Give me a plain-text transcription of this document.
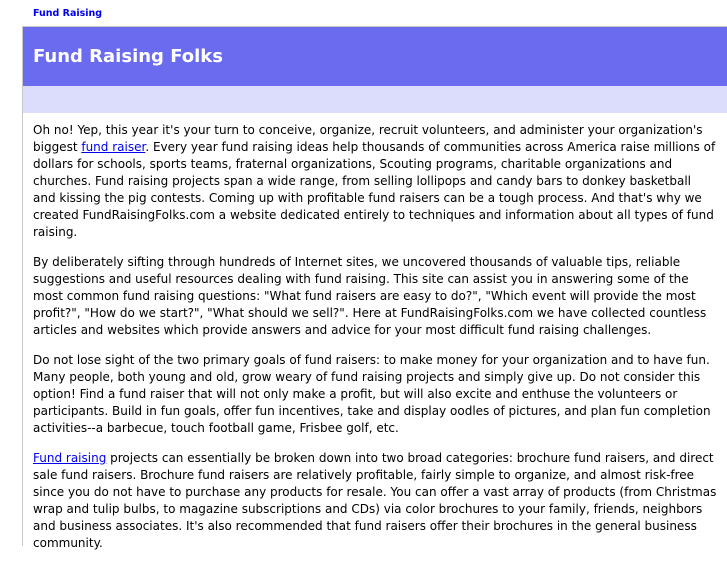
Fund Raising
Fund Raising Folks

Oh no! Yep, this year it's your turn to conceive, organize, recruit volunteers, and administer your organization's biggest fund raiser. Every year fund raising ideas help thousands of communities across America raise millions of dollars for schools, sports teams, fraternal organizations, Scouting programs, charitable organizations and churches. Fund raising projects span a wide range, from selling lollipops and candy bars to donkey basketball and kissing the pig contests. Coming up with profitable fund raisers can be a tough process. And that's why we created FundRaisingFolks.com a website dedicated entirely to techniques and information about all types of fund raising.

By deliberately sifting through hundreds of Internet sites, we uncovered thousands of valuable tips, reliable suggestions and useful resources dealing with fund raising. This site can assist you in answering some of the most common fund raising questions: "What fund raisers are easy to do?", "Which event will provide the most profit?", "How do we start?", "What should we sell?". Here at FundRaisingFolks.com we have collected countless articles and websites which provide answers and advice for your most difficult fund raising challenges.

Do not lose sight of the two primary goals of fund raisers: to make money for your organization and to have fun. Many people, both young and old, grow weary of fund raising projects and simply give up. Do not consider this option! Find a fund raiser that will not only make a profit, but will also excite and enthuse the volunteers or participants. Build in fun goals, offer fun incentives, take and display oodles of pictures, and plan fun completion activities--a barbecue, touch football game, Frisbee golf, etc.

Fund raising projects can essentially be broken down into two broad categories: brochure fund raisers, and direct sale fund raisers. Brochure fund raisers are relatively profitable, fairly simple to organize, and almost risk-free since you do not have to purchase any products for resale. You can offer a vast array of products (from Christmas wrap and tulip bulbs, to magazine subscriptions and CDs) via color brochures to your family, friends, neighbors and business associates. It's also recommended that fund raisers offer their brochures in the general business community.
